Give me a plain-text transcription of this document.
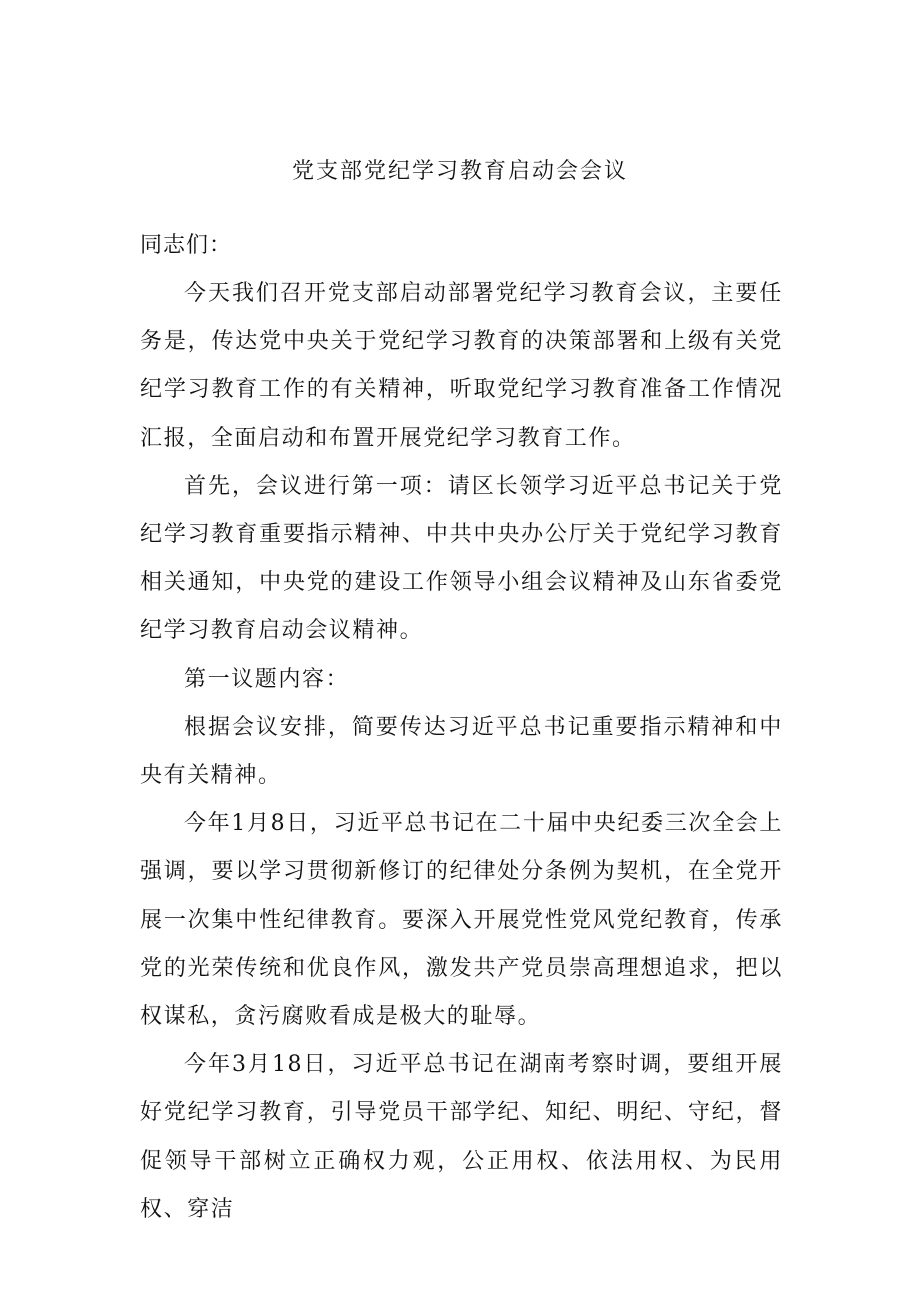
党支部党纪学习教育启动会会议

同志们：

今天我们召开党支部启动部署党纪学习教育会议，主要任务是，传达党中央关于党纪学习教育的决策部署和上级有关党纪学习教育工作的有关精神，听取党纪学习教育准备工作情况汇报，全面启动和布置开展党纪学习教育工作。

首先，会议进行第一项：请区长领学习近平总书记关于党纪学习教育重要指示精神、中共中央办公厅关于党纪学习教育相关通知，中央党的建设工作领导小组会议精神及山东省委党纪学习教育启动会议精神。

第一议题内容：

根据会议安排，简要传达习近平总书记重要指示精神和中央有关精神。

今年1月8日，习近平总书记在二十届中央纪委三次全会上强调，要以学习贯彻新修订的纪律处分条例为契机，在全党开展一次集中性纪律教育。要深入开展党性党风党纪教育，传承党的光荣传统和优良作风，激发共产党员崇高理想追求，把以权谋私，贪污腐败看成是极大的耻辱。

今年3月18日，习近平总书记在湖南考察时调，要组开展好党纪学习教育，引导党员干部学纪、知纪、明纪、守纪，督促领导干部树立正确权力观，公正用权、依法用权、为民用权、穿洁
